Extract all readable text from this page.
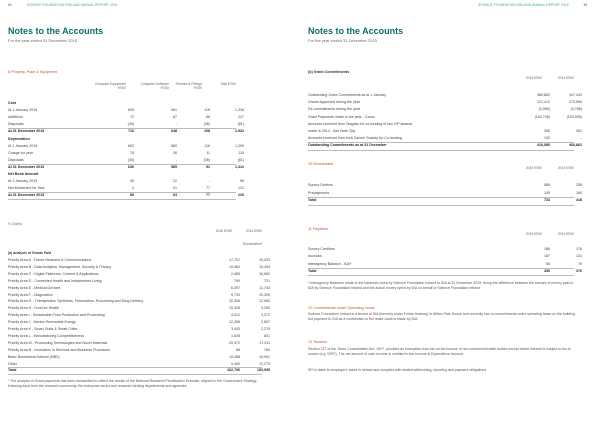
82	SCIENCE FOUNDATION IRELAND ANNUAL REPORT 2015
Notes to the Accounts
For the year ended 31 December 2015
8 Property, Plant & Equipment
Computer Equipment €'000
Computer Software €'000
Fixtures & Fittings €'000
Total €'000
9 Grants
2015 €'000	2014 €'000
Reclassified*
(a) Analysis of Grants Paid
* The analysis of Grant payments has been reclassified to reflect the results of the National Research Prioritisation Exercise, aligned to the Government Strategy, following input from the research community, the enterprise sector and research-funding departments and agencies.
Cost
At 1 January 2015	639	581	116	1,336
Additions	72	67	88	227
Disposals	(45)	-	(36)	(81)
At 31 December 2015	716	648	168	1,532
Depreciation
At 1 January 2015	603	580	116	1,299
Charge for year	78	26	11	115
Disposals	(45)	-	(36)	(81)
At 31 December 2015	636	585	91	1,312
Net Book Amount
At 1 January 2015	36	22	-	58
Net Movement for Year	4	41	77	122
At 31 December 2015	80	63	77	220
Priority Area A - Future Networks & Communications	17,707	19,403
Priority Area B - Data Analytics, Management, Security & Privacy	19,562	19,494
Priority Area C - Digital Platforms, Content & Applications	2,483	16,562
Priority Area D - Connected Health and Independent Living	769	721
Priority Area E - Medical Devices	6,397	11,743
Priority Area F - Diagnostics	9,733	10,305
Priority Area G - Therapeutics: Synthesis, Formulation, Processing and Drug Delivery	20,306	12,983
Priority Area H - Food for Health	10,428	9,263
Priority Area I - Sustainable Food Production and Processing	4,512	3,372
Priority Area J - Marine Renewable Energy	12,365	2,807
Priority Area K - Smart Grids & Smart Cities	3,403	2,279
Priority Area L - Manufacturing Competitiveness	1,628	831
Priority Area M - Processing Technologies and Novel Materials	20,372	17,311
Priority Area N - Innovation in Services and Business Processes	86	784
Basic Biomedical Science (BBS)	19,488	19,901
Other	9,450	12,279
Total	162,706	153,935
SCIENCE FOUNDATION IRELAND ANNUAL REPORT 2015	83
Notes to the Accounts
For the year ended 31 December 2015
(b) Grant Commitments
2015 €'000	2014 €'000
10 Receivables
2015 €'000	2014 €'000
11 Payables
2015 €'000	2014 €'000
* Interagency Balances relate to the balances owed by Science Foundation Ireland to IDA at 31 December 2015, being the difference between the amount of money paid to IDA by Science Foundation Ireland and the actual money spent by IDA on behalf of Science Foundation Ireland.
12 Commitments under Operating Lease
Science Foundation Ireland is a tenant of IDA (formerly under Forfás tenancy) in Wilton Park House and currently has no commitments under operating lease on the building but payment to IDA as a contribution to the lease costs is made by IDA.
13 Taxation
Section 227 of the Taxes Consolidation Act, 1997, provides an exemption from tax on the income of non-commercial state bodies except where interest is subject to tax at source (e.g. DIRT). The net amount of such income is credited to the Income & Expenditure Account.
SFI is liable to employer's taxes in Ireland and complies with related withholding, reporting and payment obligations.
Outstanding Grant Commitments as at 1 January	460,862	347,432
Grants Approved during the year	121,412	273,950
De-commitments during the year	(3,980)	(4,786)
Grant Payments made in the year - Gross	(162,706)	(153,935)
Amounts received from Teagasc for co-funding of two IVP awards
made in 2014 - See Note 2(a)	356	361
Amounts received from Irish Cancer Society for Co-funding	142	-
Outstanding Commitments as at 31 December	416,086	460,862
Sundry Debtors	588	258
Prepayments	145	160
Total	733	418
Sundry Creditors	188	176
Accruals	187	131
Interagency Balance - IDA*	55	70
Total	430	376
